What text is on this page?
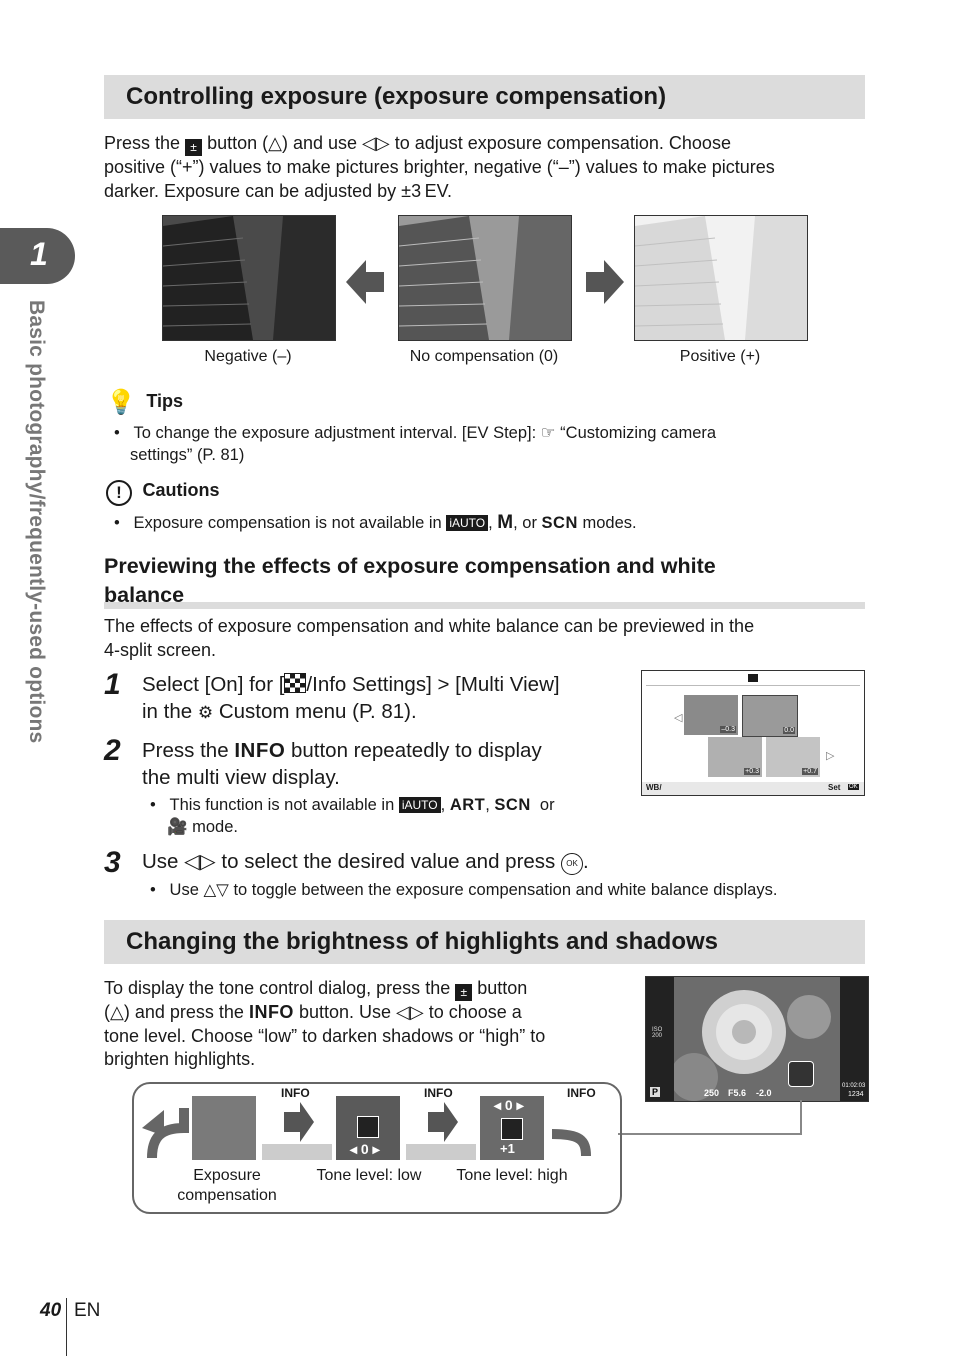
1
Basic photography/frequently-used options
Controlling exposure (exposure compensation)
Press the ± button (△) and use ◁▷ to adjust exposure compensation. Choose
positive (“+”) values to make pictures brighter, negative (“–”) values to make pictures
darker. Exposure can be adjusted by ±3 EV.
Negative (–)	No compensation (0)	Positive (+)
💡 Tips
•   To change the exposure adjustment interval. [EV Step]: ☞ “Customizing camera
settings” (P. 81)
! Cautions
•   Exposure compensation is not available in iAUTO , M, or SCN modes.
Previewing the effects of exposure compensation and white
balance
The effects of exposure compensation and white balance can be previewed in the
4-split screen.
1 Select [On] for [ /Info Settings] > [Multi View]
in the ⚙ Custom menu (P. 81).
2 Press the INFO button repeatedly to display
the multi view display.
•   This function is not available in iAUTO , ART, SCN or
🎥 mode.
◁
▷
–0.3	0.0
+0.3	+0.7
WB/	Set OK
3 Use ◁▷ to select the desired value and press OK .
•   Use △▽ to toggle between the exposure compensation and white balance displays.
Changing the brightness of highlights and shadows
To display the tone control dialog, press the ± button
(△) and press the INFO button. Use ◁▷ to choose a
tone level. Choose “low” to darken shadows or “high” to
brighten highlights.
ISO
200
P	250 F5.6 -2.0
01:02:03
1234
◂ 0 ▸
◂ 0 ▸
+1
INFO	INFO	INFO
Exposure
compensation
Tone level: low	Tone level: high
40 EN
